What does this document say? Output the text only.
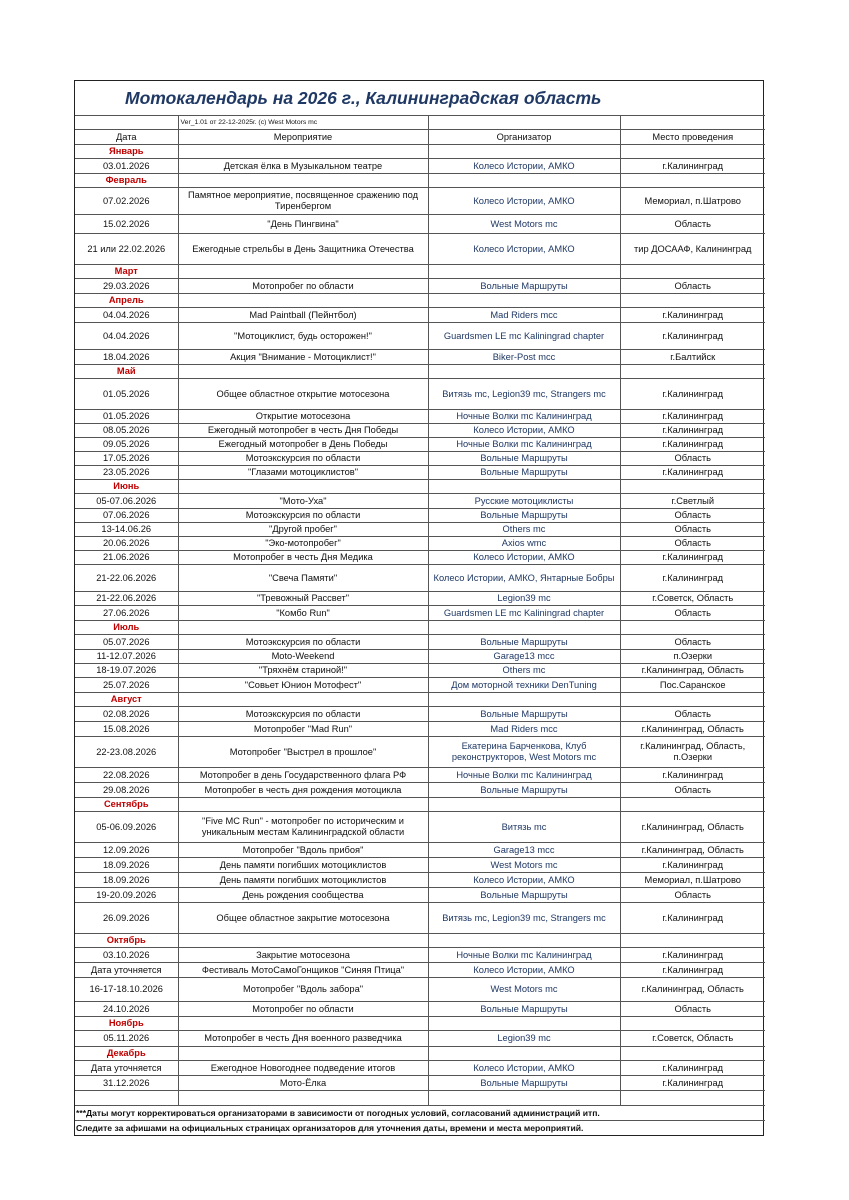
Мотокалендарь на 2026 г., Калининградская область			
	Ver_1.01 от 22-12-2025г. (c) West Motors mc		
Дата	Мероприятие	Организатор	Место проведения
Январь			
03.01.2026	Детская ёлка в Музыкальном театре	Колесо Истории, АМКО	г.Калининград
Февраль			
07.02.2026	Памятное мероприятие, посвященное сражению под Тиренбергом	Колесо Истории, АМКО	Мемориал, п.Шатрово
15.02.2026	"День Пингвина"	West Motors mc	Область
21 или 22.02.2026	Ежегодные стрельбы в День Защитника Отечества	Колесо Истории, АМКО	тир ДОСААФ, Калининград
Март			
29.03.2026	Мотопробег по области	Вольные Маршруты	Область
Апрель			
04.04.2026	Mad Paintball (Пейнтбол)	Mad Riders mcc	г.Калининград
04.04.2026	"Мотоциклист, будь осторожен!"	Guardsmen LE mc Kaliningrad chapter	г.Калининград
18.04.2026	Акция "Внимание - Мотоциклист!"	Biker-Post mcc	г.Балтийск
Май			
01.05.2026	Общее областное открытие мотосезона	Витязь mc, Legion39 mc, Strangers mc	г.Калининград
01.05.2026	Открытие мотосезона	Ночные Волки mc Калининград	г.Калининград
08.05.2026	Ежегодный мотопробег в честь Дня Победы	Колесо Истории, АМКО	г.Калининград
09.05.2026	Ежегодный мотопробег в День Победы	Ночные Волки mc Калининград	г.Калининград
17.05.2026	Мотоэкскурсия по области	Вольные Маршруты	Область
23.05.2026	"Глазами мотоциклистов"	Вольные Маршруты	г.Калининград
Июнь			
05-07.06.2026	"Мото-Уха"	Русские мотоциклисты	г.Светлый
07.06.2026	Мотоэкскурсия по области	Вольные Маршруты	Область
13-14.06.26	"Другой пробег"	Others mc	Область
20.06.2026	"Эко-мотопробег"	Axios wmc	Область
21.06.2026	Мотопробег в честь Дня Медика	Колесо Истории, АМКО	г.Калининград
21-22.06.2026	"Свеча Памяти"	Колесо Истории, АМКО, Янтарные Бобры	г.Калининград
21-22.06.2026	"Тревожный Рассвет"	Legion39 mc	г.Советск, Область
27.06.2026	"Комбо Run"	Guardsmen LE mc Kaliningrad chapter	Область
Июль			
05.07.2026	Мотоэкскурсия по области	Вольные Маршруты	Область
11-12.07.2026	Moto-Weekend	Garage13 mcc	п.Озерки
18-19.07.2026	"Тряхнём стариной!"	Others mc	г.Калининград, Область
25.07.2026	"Совьет Юнион Мотофест"	Дом моторной техники DenTuning	Пос.Саранское
Август			
02.08.2026	Мотоэкскурсия по области	Вольные Маршруты	Область
15.08.2026	Мотопробег "Mad Run"	Mad Riders mcc	г.Калининград, Область
22-23.08.2026	Мотопробег "Выстрел в прошлое"	Екатерина Барченкова, Клуб реконструкторов, West Motors mc	г.Калининград, Область, п.Озерки
22.08.2026	Мотопробег в день Государственного флага РФ	Ночные Волки mc Калининград	г.Калининград
29.08.2026	Мотопробег в честь дня рождения мотоцикла	Вольные Маршруты	Область
Сентябрь			
05-06.09.2026	"Five MC Run" - мотопробег по историческим и уникальным местам Калининградской области	Витязь mc	г.Калининград, Область
12.09.2026	Мотопробег "Вдоль прибоя"	Garage13 mcc	г.Калининград, Область
18.09.2026	День памяти погибших мотоциклистов	West Motors mc	г.Калининград
18.09.2026	День памяти погибших мотоциклистов	Колесо Истории, АМКО	Мемориал, п.Шатрово
19-20.09.2026	День рождения сообщества	Вольные Маршруты	Область
26.09.2026	Общее областное закрытие мотосезона	Витязь mc, Legion39 mc, Strangers mc	г.Калининград
Октябрь			
03.10.2026	Закрытие мотосезона	Ночные Волки mc Калининград	г.Калининград
Дата уточняется	Фестиваль МотоСамоГонщиков "Синяя Птица"	Колесо Истории, АМКО	г.Калининград
16-17-18.10.2026	Мотопробег "Вдоль забора"	West Motors mc	г.Калининград, Область
24.10.2026	Мотопробег по области	Вольные Маршруты	Область
Ноябрь			
05.11.2026	Мотопробег в честь Дня военного разведчика	Legion39 mc	г.Советск, Область
Декабрь			
Дата уточняется	Ежегодное Новогоднее подведение итогов	Колесо Истории, АМКО	г.Калининград
31.12.2026	Мото-Ёлка	Вольные Маршруты	г.Калининград

***Даты могут корректироваться организаторами в зависимости от погодных условий, согласований администраций итп.			
Следите за афишами на официальных страницах организаторов для уточнения даты, времени и места мероприятий.			
